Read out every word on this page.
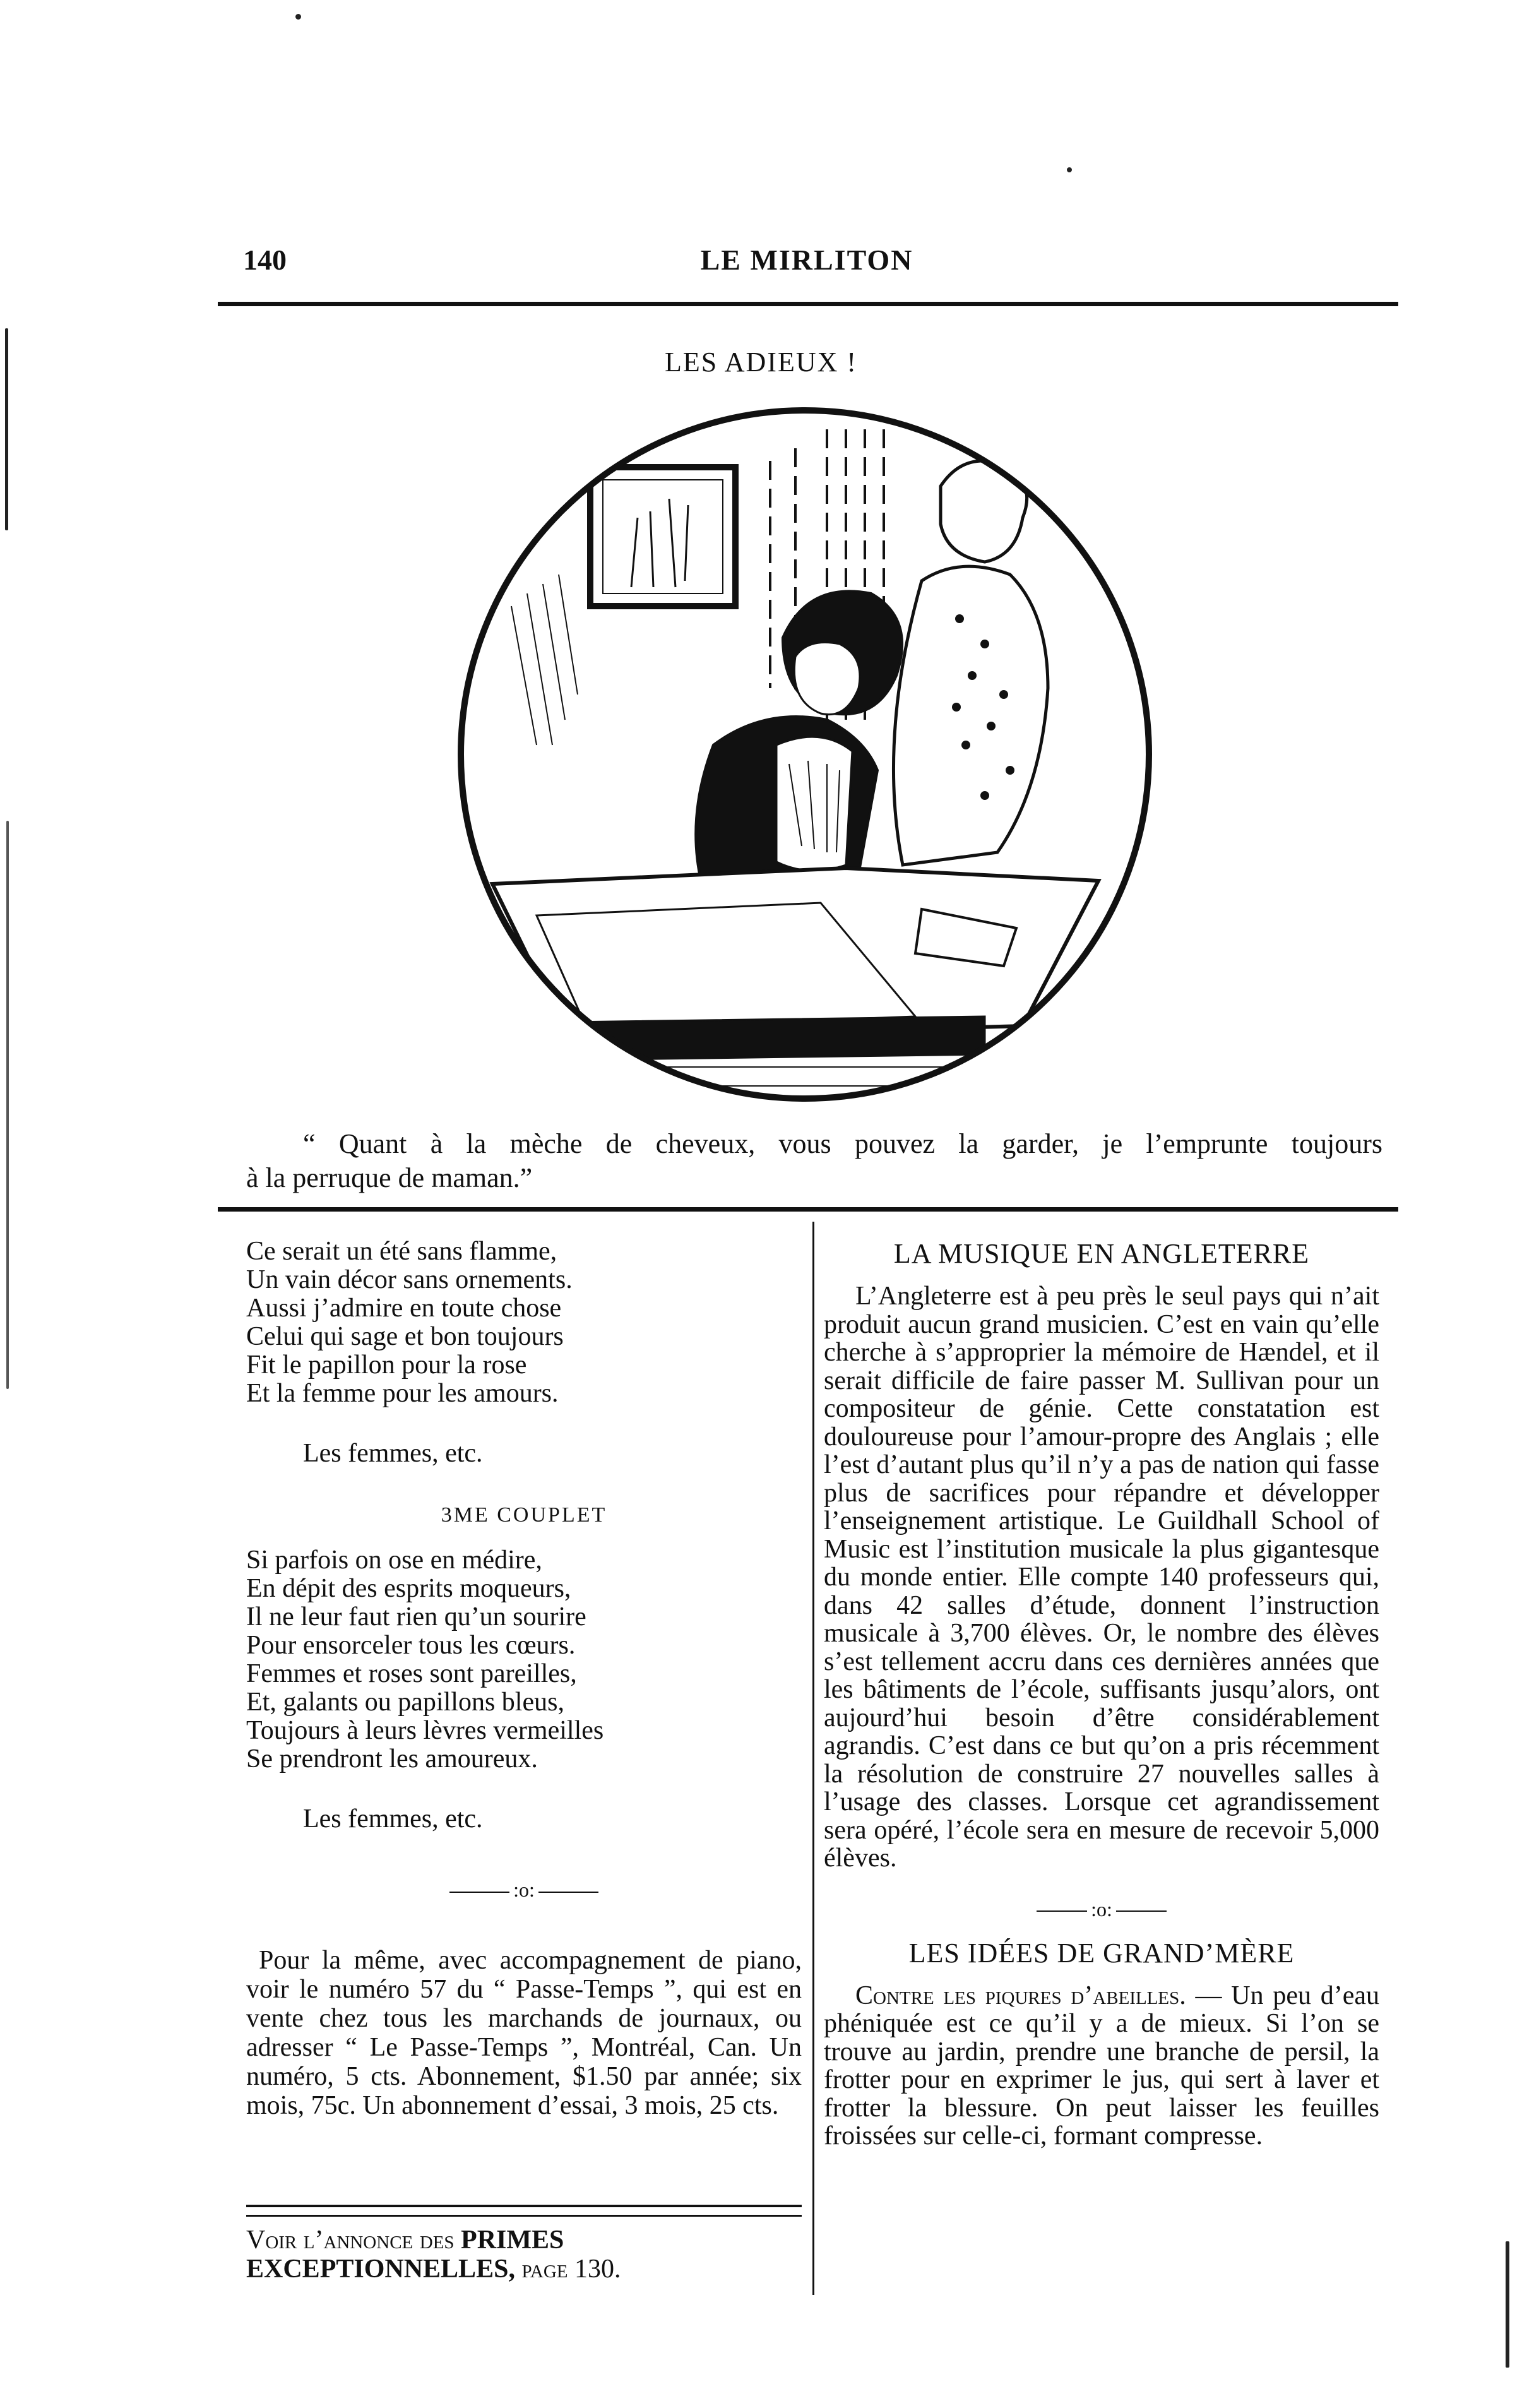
140	LE MIRLITON
LES ADIEUX !
“ Quant à la mèche de cheveux, vous pouvez la garder, je l’emprunte toujours
à la perruque de maman.”
Ce serait un été sans flamme,
Un vain décor sans ornements.
Aussi j’admire en toute chose
Celui qui sage et bon toujours
Fit le papillon pour la rose
Et la femme pour les amours.
Les femmes, etc.
3ME COUPLET
Si parfois on ose en médire,
En dépit des esprits moqueurs,
Il ne leur faut rien qu’un sourire
Pour ensorceler tous les cœurs.
Femmes et roses sont pareilles,
Et, galants ou papillons bleus,
Toujours à leurs lèvres vermeilles
Se prendront les amoureux.
Les femmes, etc.
:o:

Pour la même, avec accompagnement de piano, voir le numéro 57 du “ Passe-Temps ”, qui est en vente chez tous les marchands de journaux, ou adresser “ Le Passe-Temps ”, Montréal, Can. Un numéro, 5 cts. Abonnement, $1.50 par année; six mois, 75c. Un abonnement d’essai, 3 mois, 25 cts.

Voir l’annonce des PRIMES EXCEPTIONNELLES, page 130.
LA MUSIQUE EN ANGLETERRE

L’Angleterre est à peu près le seul pays qui n’ait produit aucun grand musicien. C’est en vain qu’elle cherche à s’approprier la mémoire de Hændel, et il serait difficile de faire passer M. Sullivan pour un compositeur de génie. Cette constatation est douloureuse pour l’amour-propre des Anglais ; elle l’est d’autant plus qu’il n’y a pas de nation qui fasse plus de sacrifices pour répandre et développer l’enseignement artistique. Le Guildhall School of Music est l’institution musicale la plus gigantesque du monde entier. Elle compte 140 professeurs qui, dans 42 salles d’étude, donnent l’instruction musicale à 3,700 élèves. Or, le nombre des élèves s’est tellement accru dans ces dernières années que les bâtiments de l’école, suffisants jusqu’alors, ont aujourd’hui besoin d’être considérablement agrandis. C’est dans ce but qu’on a pris récemment la résolution de construire 27 nouvelles salles à l’usage des classes. Lorsque cet agrandissement sera opéré, l’école sera en mesure de recevoir 5,000 élèves.

:o:
LES IDÉES DE GRAND’MÈRE

Contre les piqures d’abeilles. — Un peu d’eau phéniquée est ce qu’il y a de mieux. Si l’on se trouve au jardin, prendre une branche de persil, la frotter pour en exprimer le jus, qui sert à laver et frotter la blessure. On peut laisser les feuilles froissées sur celle-ci, formant compresse.
